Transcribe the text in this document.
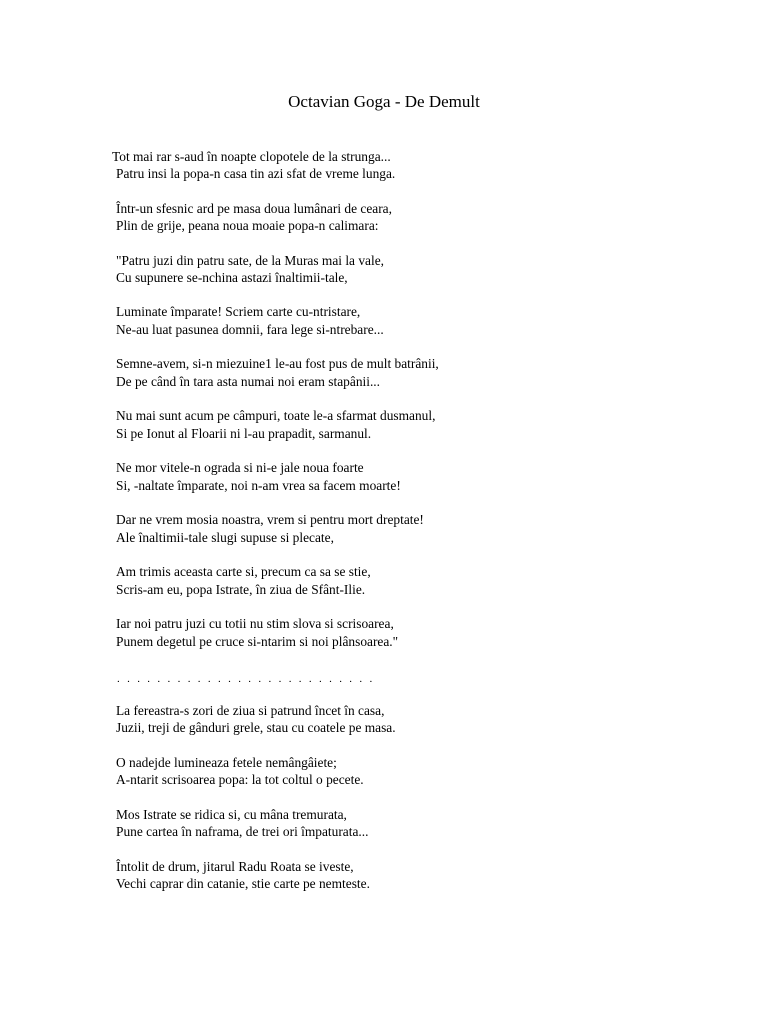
Octavian Goga - De Demult

Tot mai rar s-aud în noapte clopotele de la strunga...

Patru insi la popa-n casa tin azi sfat de vreme lunga.

Într-un sfesnic ard pe masa doua lumânari de ceara,

Plin de grije, peana noua moaie popa-n calimara:

"Patru juzi din patru sate, de la Muras mai la vale,

Cu supunere se-nchina astazi înaltimii-tale,

Luminate împarate! Scriem carte cu-ntristare,

Ne-au luat pasunea domnii, fara lege si-ntrebare...

Semne-avem, si-n miezuine1 le-au fost pus de mult batrânii,

De pe când în tara asta numai noi eram stapânii...

Nu mai sunt acum pe câmpuri, toate le-a sfarmat dusmanul,

Si pe Ionut al Floarii ni l-au prapadit, sarmanul.

Ne mor vitele-n ograda si ni-e jale noua foarte

Si, -naltate împarate, noi n-am vrea sa facem moarte!

Dar ne vrem mosia noastra, vrem si pentru mort dreptate!

Ale înaltimii-tale slugi supuse si plecate,

Am trimis aceasta carte si, precum ca sa se stie,

Scris-am eu, popa Istrate, în ziua de Sfânt-Ilie.

Iar noi patru juzi cu totii nu stim slova si scrisoarea,

Punem degetul pe cruce si-ntarim si noi plânsoarea."

. . . . . . . . . . . . . . . . . . . . . . . . . .

La fereastra-s zori de ziua si patrund încet în casa,

Juzii, treji de gânduri grele, stau cu coatele pe masa.

O nadejde lumineaza fetele nemângâiete;

A-ntarit scrisoarea popa: la tot coltul o pecete.

Mos Istrate se ridica si, cu mâna tremurata,

Pune cartea în naframa, de trei ori împaturata...

Întolit de drum, jitarul Radu Roata se iveste,

Vechi caprar din catanie, stie carte pe nemteste.
